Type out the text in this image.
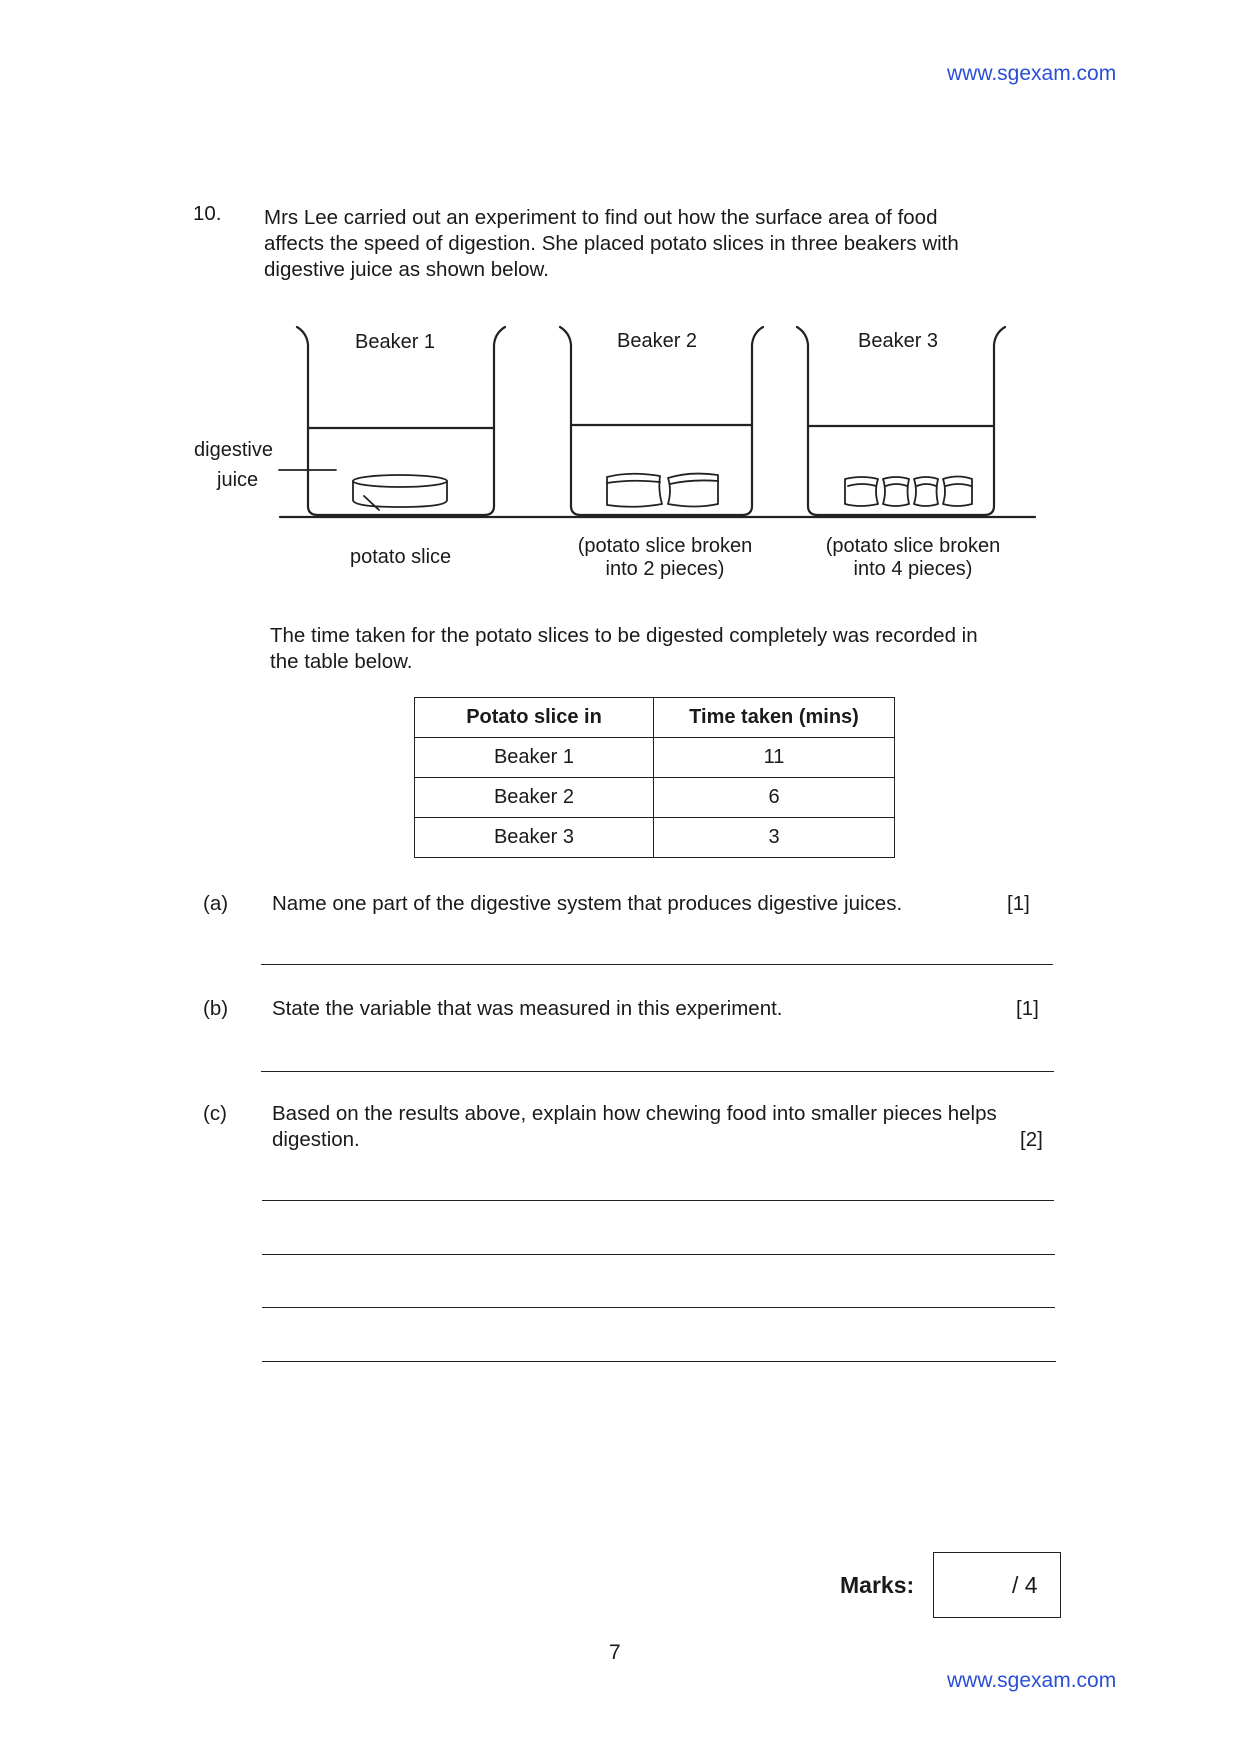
www.sgexam.com
10. Mrs Lee carried out an experiment to find out how the surface area of food
affects the speed of digestion. She placed potato slices in three beakers with
digestive juice as shown below.
Beaker 1	Beaker 2	Beaker 3
digestive
juice
potato slice	(potato slice broken
into 2 pieces)
(potato slice broken
into 4 pieces)
The time taken for the potato slices to be digested completely was recorded in
the table below.
Potato slice in	Time taken (mins)
Beaker 1	11
Beaker 2	6
Beaker 3	3
(a) Name one part of the digestive system that produces digestive juices.	[1]
(b) State the variable that was measured in this experiment.	[1]
(c) Based on the results above, explain how chewing food into smaller pieces helps
digestion.	[2]
Marks:	/ 4
7
www.sgexam.com
